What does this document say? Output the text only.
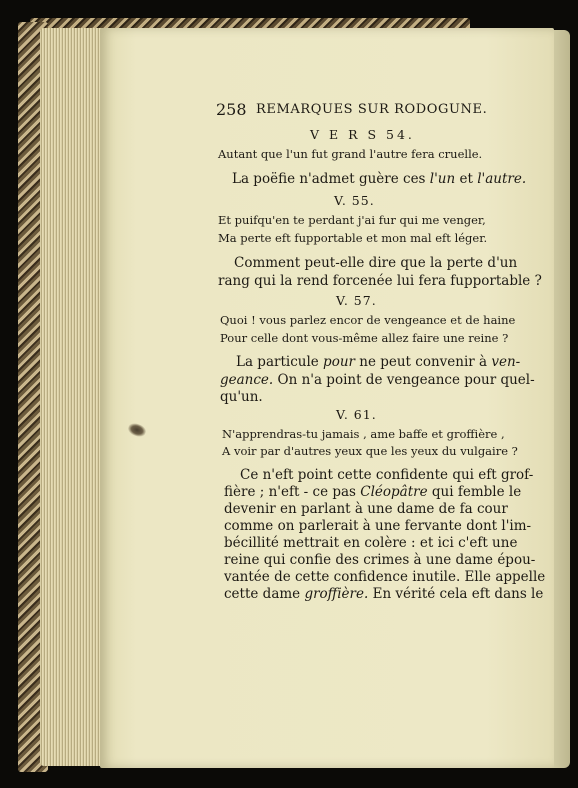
258 REMARQUES SUR RODOGUNE.
V E R S 54.
Autant que l'un fut grand l'autre fera cruelle.
La poëfie n'admet guère ces l'un et l'autre.
V. 55.
Et puifqu'en te perdant j'ai fur qui me venger,
Ma perte eft fupportable et mon mal eft léger.
Comment peut-elle dire que la perte d'un
rang qui la rend forcenée lui fera fupportable ?
V. 57.
Quoi ! vous parlez encor de vengeance et de haine
Pour celle dont vous-même allez faire une reine ?
La particule pour ne peut convenir à ven-
geance. On n'a point de vengeance pour quel-
qu'un.
V. 61.
N'apprendras-tu jamais , ame baffe et groffière ,
A voir par d'autres yeux que les yeux du vulgaire ?
Ce n'eft point cette confidente qui eft grof-
fière ; n'eft - ce pas Cléopâtre qui femble le
devenir en parlant à une dame de fa cour
comme on parlerait à une fervante dont l'im-
bécillité mettrait en colère : et ici c'eft une
reine qui confie des crimes à une dame épou-
vantée de cette confidence inutile. Elle appelle
cette dame groffière. En vérité cela eft dans le
